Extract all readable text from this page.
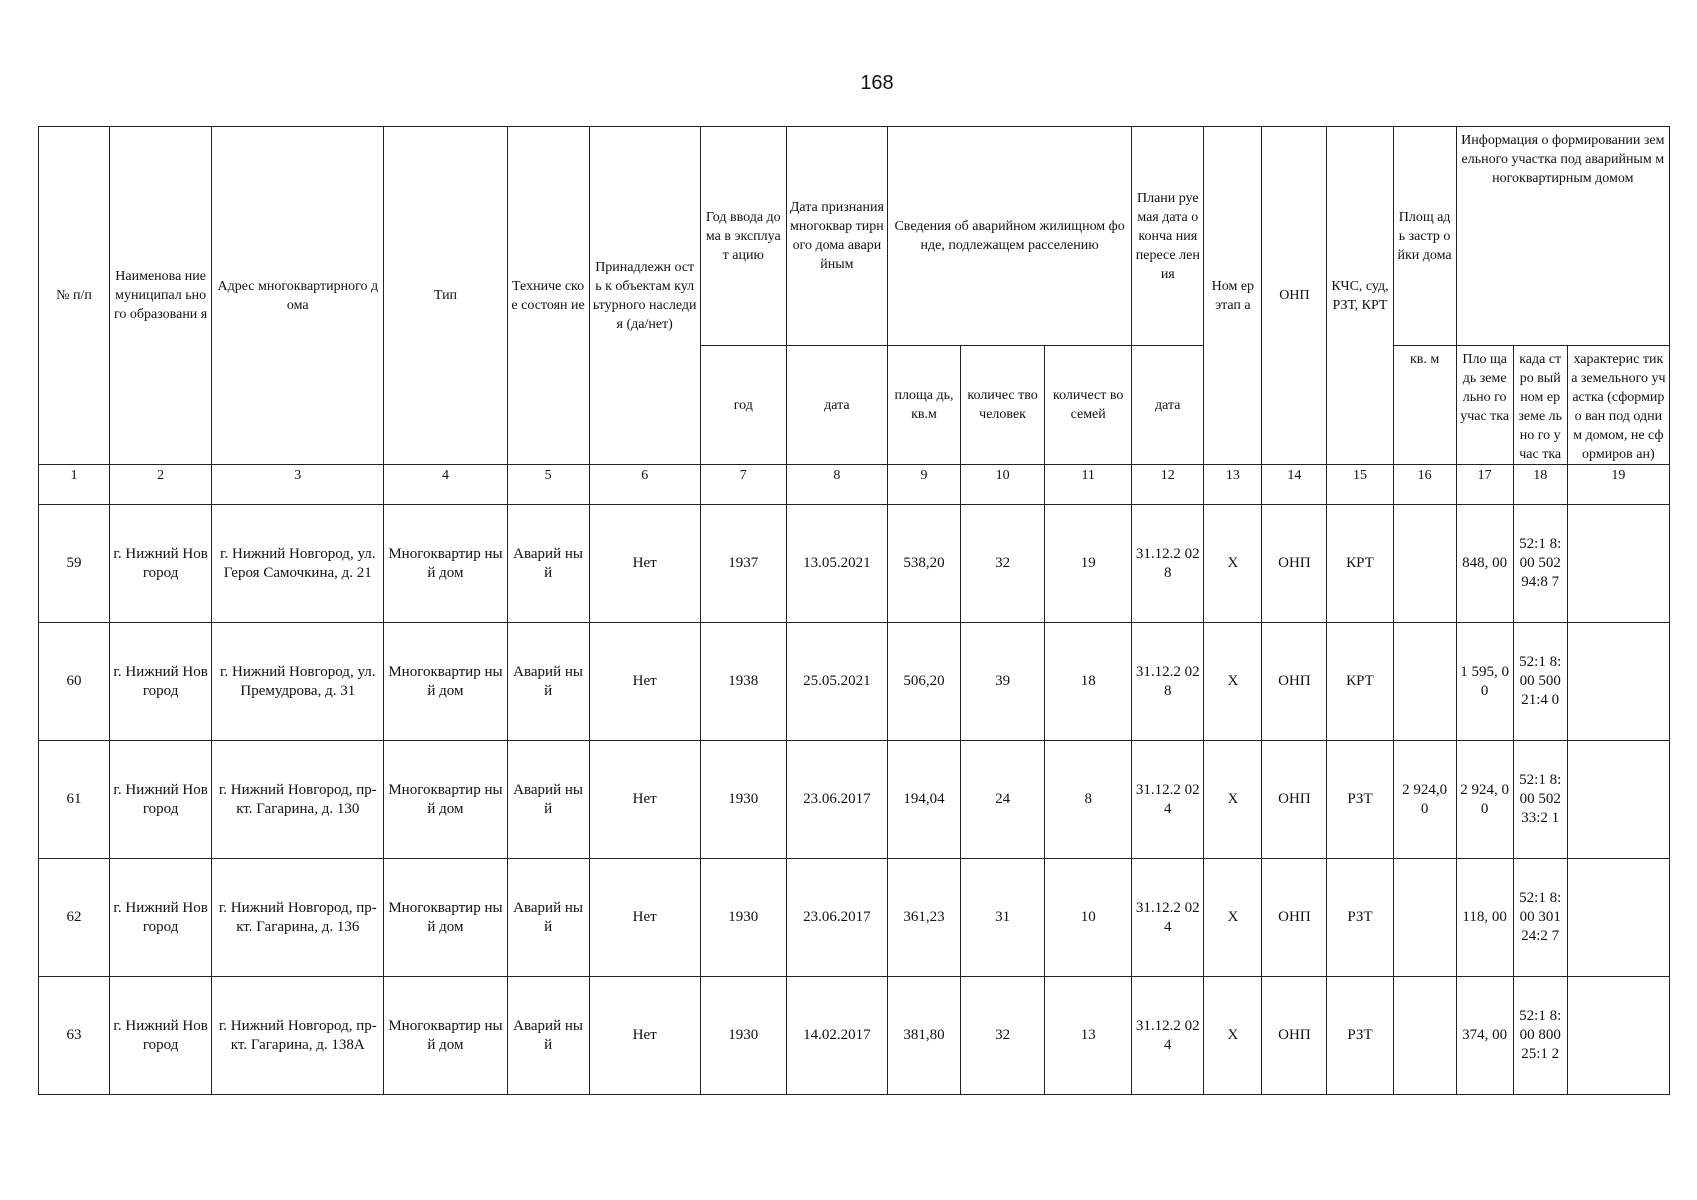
168
№ п/п	Наименова ние муниципал ьного образовани я	Адрес многоквартирного дома	Тип	Техниче ское состоян ие	Принадлежн ость к объектам культурного наследия (да/нет)	Год ввода дома в эксплуат ацию	Дата признания многоквар тирного дома аварийным	Сведения об аварийном жилищном фонде, подлежащем расселению			Плани руемая дата оконча ния пересе ления	Ном ер этап а	ОНП	КЧС, суд, РЗТ, КРТ	Площ адь застр ойки дома	Информация о формировании земельного участка под аварийным многоквартирным домом		
						год	дата	площа дь, кв.м	количес тво человек	количест во семей	дата				кв. м	Пло щадь земе льно го учас тка	када стро вый ном ер земе льно го учас тка	характерис тика земельного участка (сформиро ван под одним домом, не сформиров ан)
1	2	3	4	5	6	7	8	9	10	11	12	13	14	15	16	17	18	19
59	г. Нижний Новгород	г. Нижний Новгород, ул. Героя Самочкина, д. 21	Многоквартир ный дом	Аварий ный	Нет	1937	13.05.2021	538,20	32	19	31.12.2 028	Х	ОНП	КРТ		848, 00	52:1 8:00 502 94:8 7	
60	г. Нижний Новгород	г. Нижний Новгород, ул. Премудрова, д. 31	Многоквартир ный дом	Аварий ный	Нет	1938	25.05.2021	506,20	39	18	31.12.2 028	Х	ОНП	КРТ		1 595, 00	52:1 8:00 500 21:4 0	
61	г. Нижний Новгород	г. Нижний Новгород, пр-кт. Гагарина, д. 130	Многоквартир ный дом	Аварий ный	Нет	1930	23.06.2017	194,04	24	8	31.12.2 024	Х	ОНП	РЗТ	2 924,0 0	2 924, 00	52:1 8:00 502 33:2 1	
62	г. Нижний Новгород	г. Нижний Новгород, пр-кт. Гагарина, д. 136	Многоквартир ный дом	Аварий ный	Нет	1930	23.06.2017	361,23	31	10	31.12.2 024	Х	ОНП	РЗТ		118, 00	52:1 8:00 301 24:2 7	
63	г. Нижний Новгород	г. Нижний Новгород, пр-кт. Гагарина, д. 138А	Многоквартир ный дом	Аварий ный	Нет	1930	14.02.2017	381,80	32	13	31.12.2 024	Х	ОНП	РЗТ		374, 00	52:1 8:00 800 25:1 2	
